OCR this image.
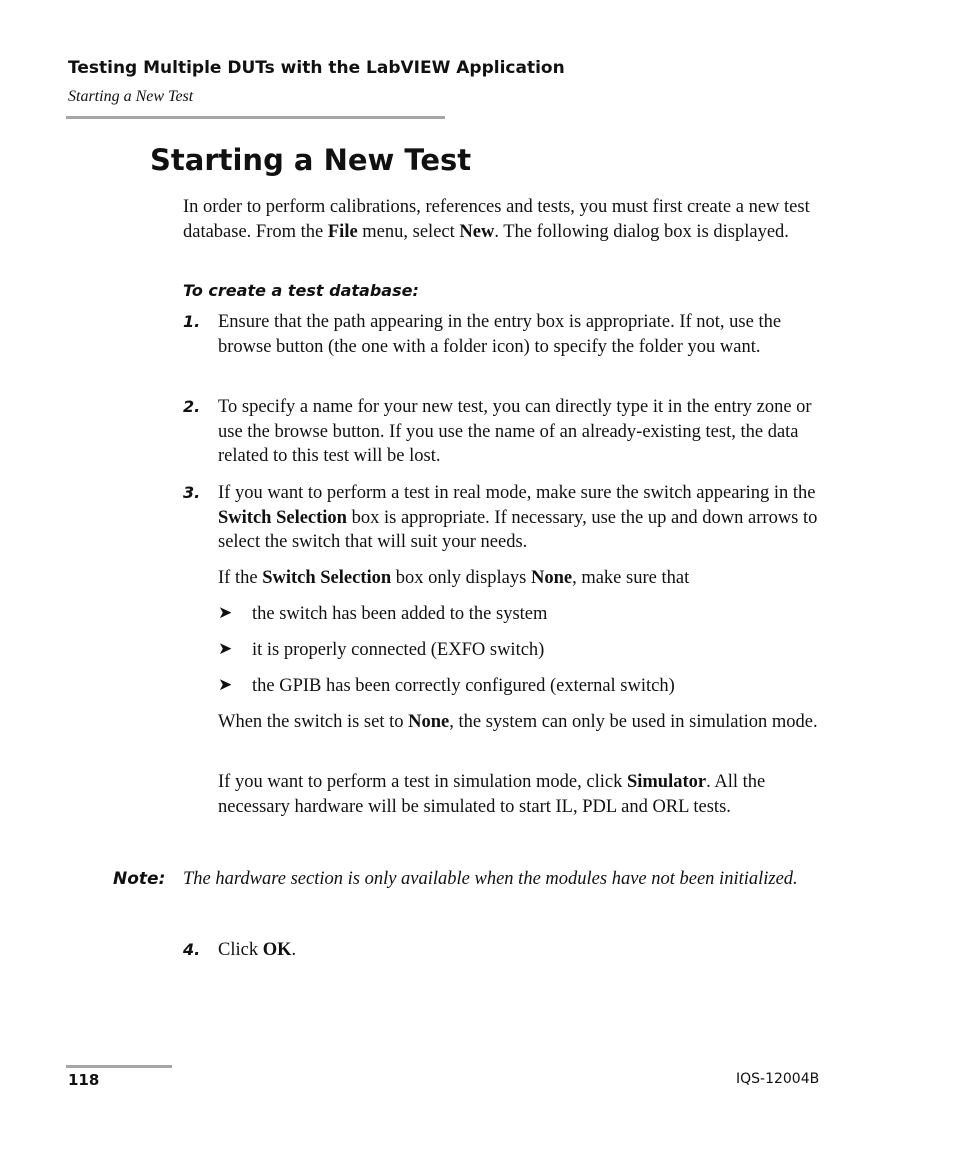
Testing Multiple DUTs with the LabVIEW Application
Starting a New Test
Starting a New Test
In order to perform calibrations, references and tests, you must first create a new test database. From the File menu, select New. The following dialog box is displayed.
To create a test database:
1. Ensure that the path appearing in the entry box is appropriate. If not, use the browse button (the one with a folder icon) to specify the folder you want.
2. To specify a name for your new test, you can directly type it in the entry zone or use the browse button. If you use the name of an already-existing test, the data related to this test will be lost.
3. If you want to perform a test in real mode, make sure the switch appearing in the Switch Selection box is appropriate. If necessary, use the up and down arrows to select the switch that will suit your needs.
If the Switch Selection box only displays None, make sure that
➤ the switch has been added to the system
➤ it is properly connected (EXFO switch)
➤ the GPIB has been correctly configured (external switch)
When the switch is set to None, the system can only be used in simulation mode.
If you want to perform a test in simulation mode, click Simulator. All the necessary hardware will be simulated to start IL, PDL and ORL tests.
Note: The hardware section is only available when the modules have not been initialized.
4. Click OK.
118	IQS-12004B
